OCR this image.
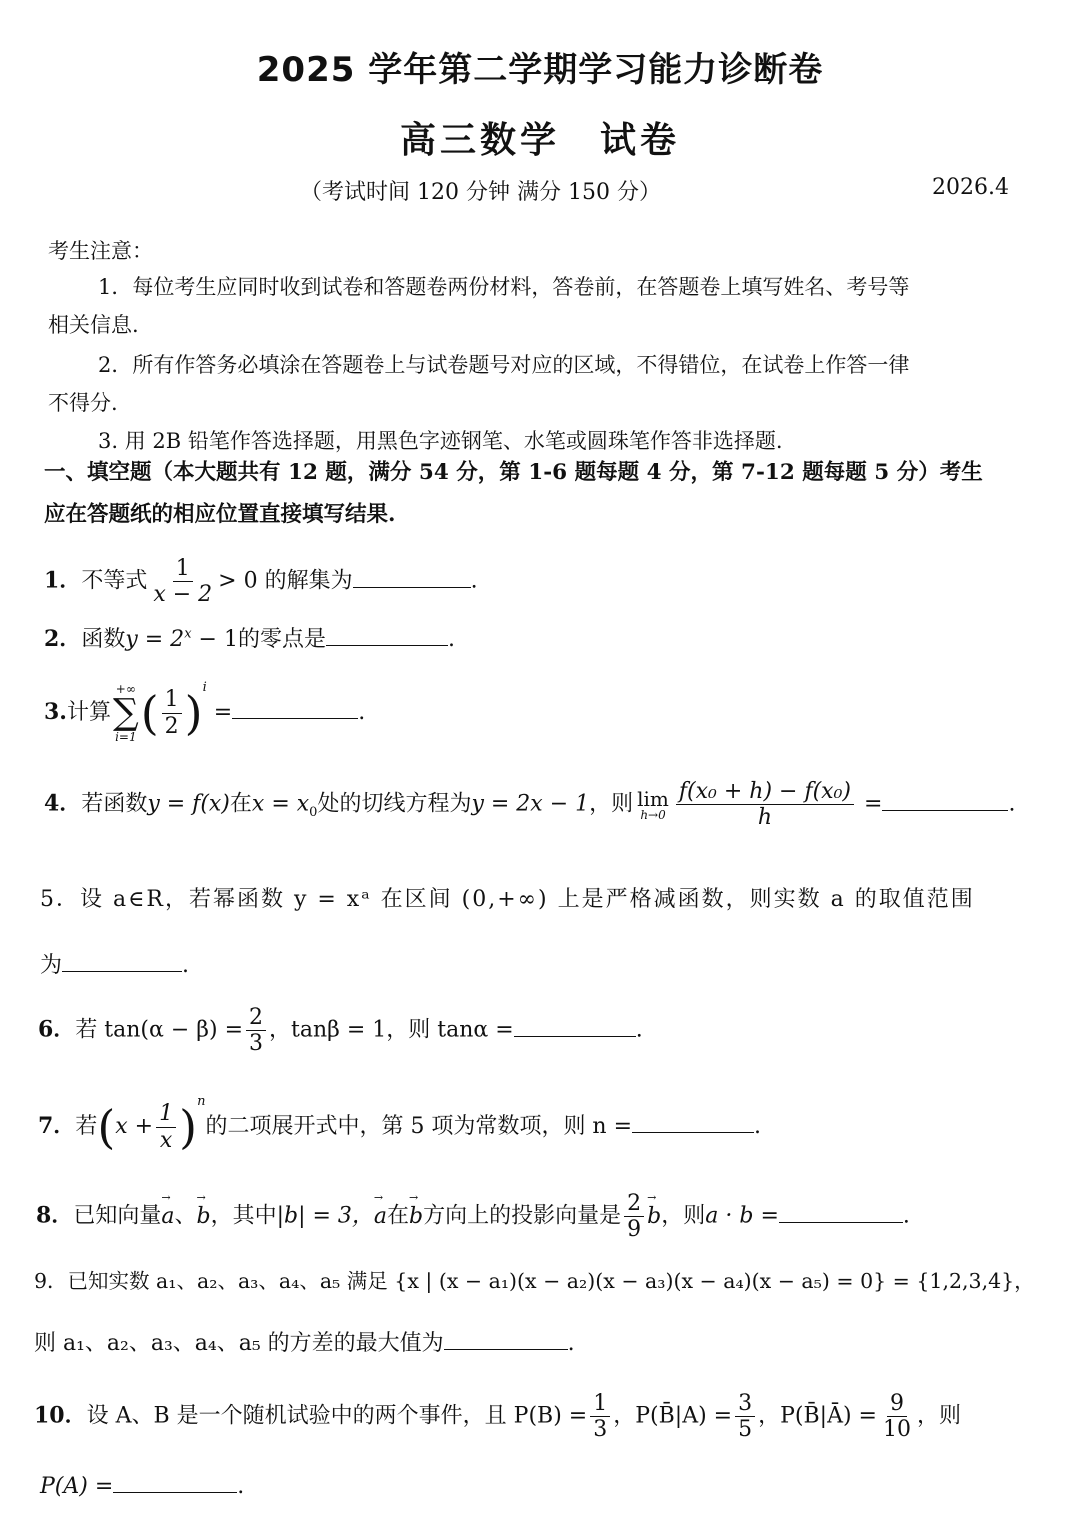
2025 学年第二学期学习能力诊断卷
高三数学　试卷
（考试时间 120 分钟 满分 150 分）	2026.4
考生注意：
1．每位考生应同时收到试卷和答题卷两份材料，答卷前，在答题卷上填写姓名、考号等
相关信息.
2．所有作答务必填涂在答题卷上与试卷题号对应的区域，不得错位，在试卷上作答一律
不得分.
3. 用 2B 铅笔作答选择题，用黑色字迹钢笔、水笔或圆珠笔作答非选择题.
一、填空题（本大题共有 12 题，满分 54 分，第 1-6 题每题 4 分，第 7-12 题每题 5 分）考生
应在答题纸的相应位置直接填写结果.
1．不等式 $\frac{1}{x - 2} > 0$ 的解集为	.
2．函数$y = 2^x - 1$的零点是	.
3.计算
+∞
∑
i=1 ( $\frac{1}{2} )^i$ =	.
4．若函数y = f(x)在$x = x_0$处的切线方程为y = 2x − 1，则 lim
$h\to 0 \frac{\text{f(x₀ + h) − f(x₀)}}{h}$ =	.
5．设 a∈R，若幂函数 y = xᵃ 在区间 (0,+∞) 上是严格减函数，则实数 a 的取值范围
为	.
6．若 $\tan(\alpha - \beta) = \frac{2}{3}$ ，tanβ = 1，则 tanα =	.
7．若$(x + \frac{1}{x} )^n$的二项展开式中，第 5 项为常数项，则 n =	.
8．已知向量→ a、→ b，其中|b| = 3，→ a在→ b方向上的投影向量是 $\frac{2}{9} \to b$，则a · b =	.
9．已知实数 a₁、a₂、a₃、a₄、a₅ 满足 {x | (x − a₁)(x − a₂)(x − a₃)(x − a₄)(x − a₅) = 0} = {1,2,3,4}，
则 a₁、a₂、a₃、a₄、a₅ 的方差的最大值为	.
10．设 A、B 是一个随机试验中的两个事件，且 $P(B) = \frac{1}{3}$ ，P(B̄|A) = $\frac{3}{5}$ ，P(B̄|Ā) = $\frac{9}{10}$ ，则
P(A) =	.
